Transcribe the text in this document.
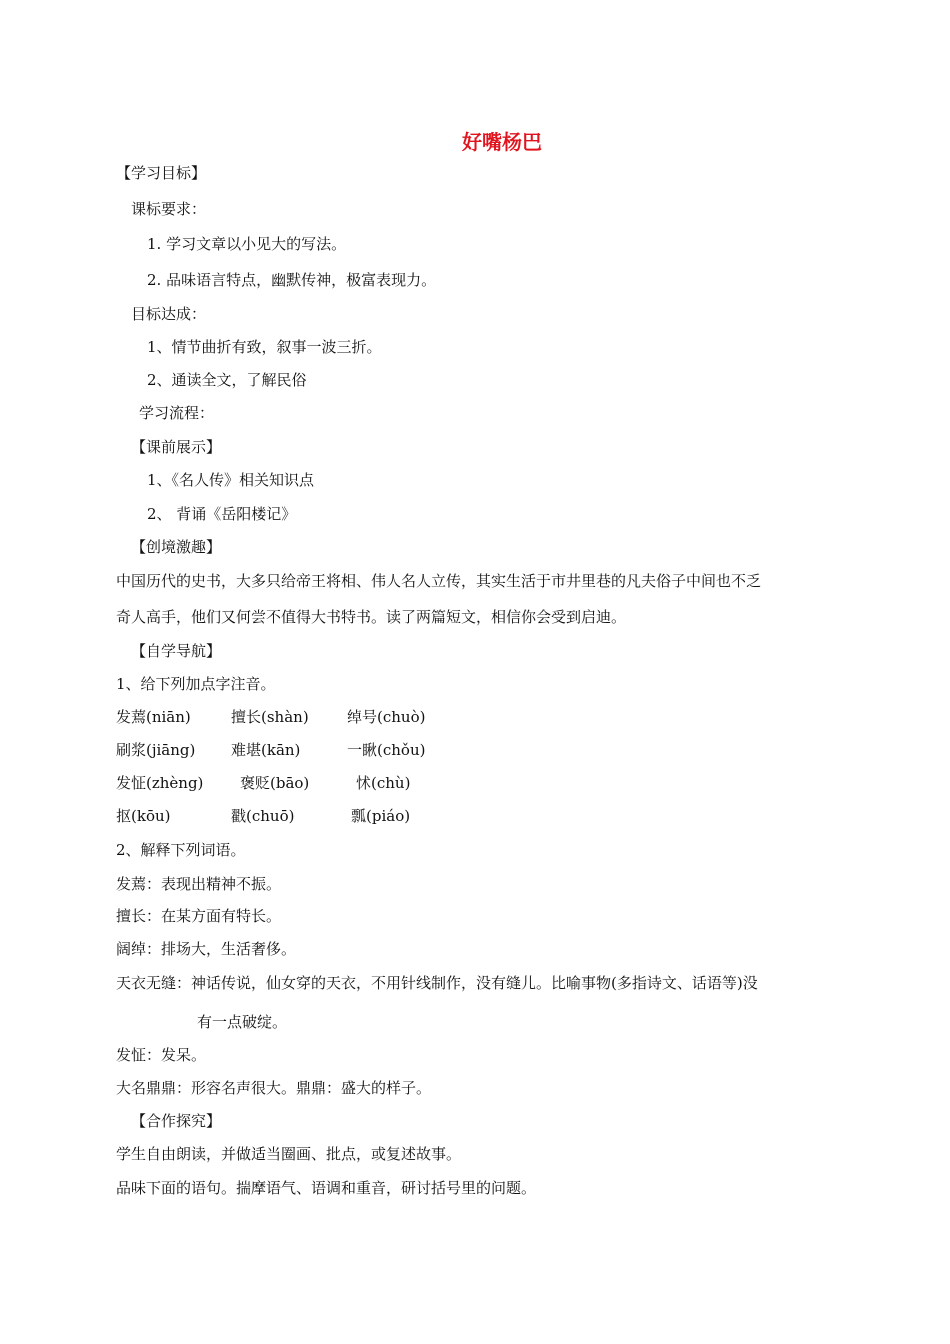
好嘴杨巴
【学习目标】
课标要求：
1. 学习文章以小见大的写法。
2. 品味语言特点，幽默传神，极富表现力。
目标达成：
1、情节曲折有致，叙事一波三折。
2、通读全文，了解民俗
学习流程：
【课前展示】
1、《名人传》相关知识点
2、 背诵《岳阳楼记》
【创境激趣】
中国历代的史书，大多只给帝王将相、伟人名人立传，其实生活于市井里巷的凡夫俗子中间也不乏
奇人高手，他们又何尝不值得大书特书。读了两篇短文，相信你会受到启迪。
【自学导航】
1、给下列加点字注音。
发蔫(niān)	擅长(shàn)	绰号(chuò)
刷浆(jiāng) 难堪(kān)	一瞅(chǒu)
发怔(zhèng) 褒贬(bāo)	怵(chù)
抠(kōu)	戳(chuō)	瓢(piáo)
2、解释下列词语。
发蔫：表现出精神不振。
擅长：在某方面有特长。
阔绰：排场大，生活奢侈。
天衣无缝：神话传说，仙女穿的天衣，不用针线制作，没有缝儿。比喻事物(多指诗文、话语等)没
有一点破绽。
发怔：发呆。
大名鼎鼎：形容名声很大。鼎鼎：盛大的样子。
【合作探究】
学生自由朗读，并做适当圈画、批点，或复述故事。
品味下面的语句。揣摩语气、语调和重音，研讨括号里的问题。
